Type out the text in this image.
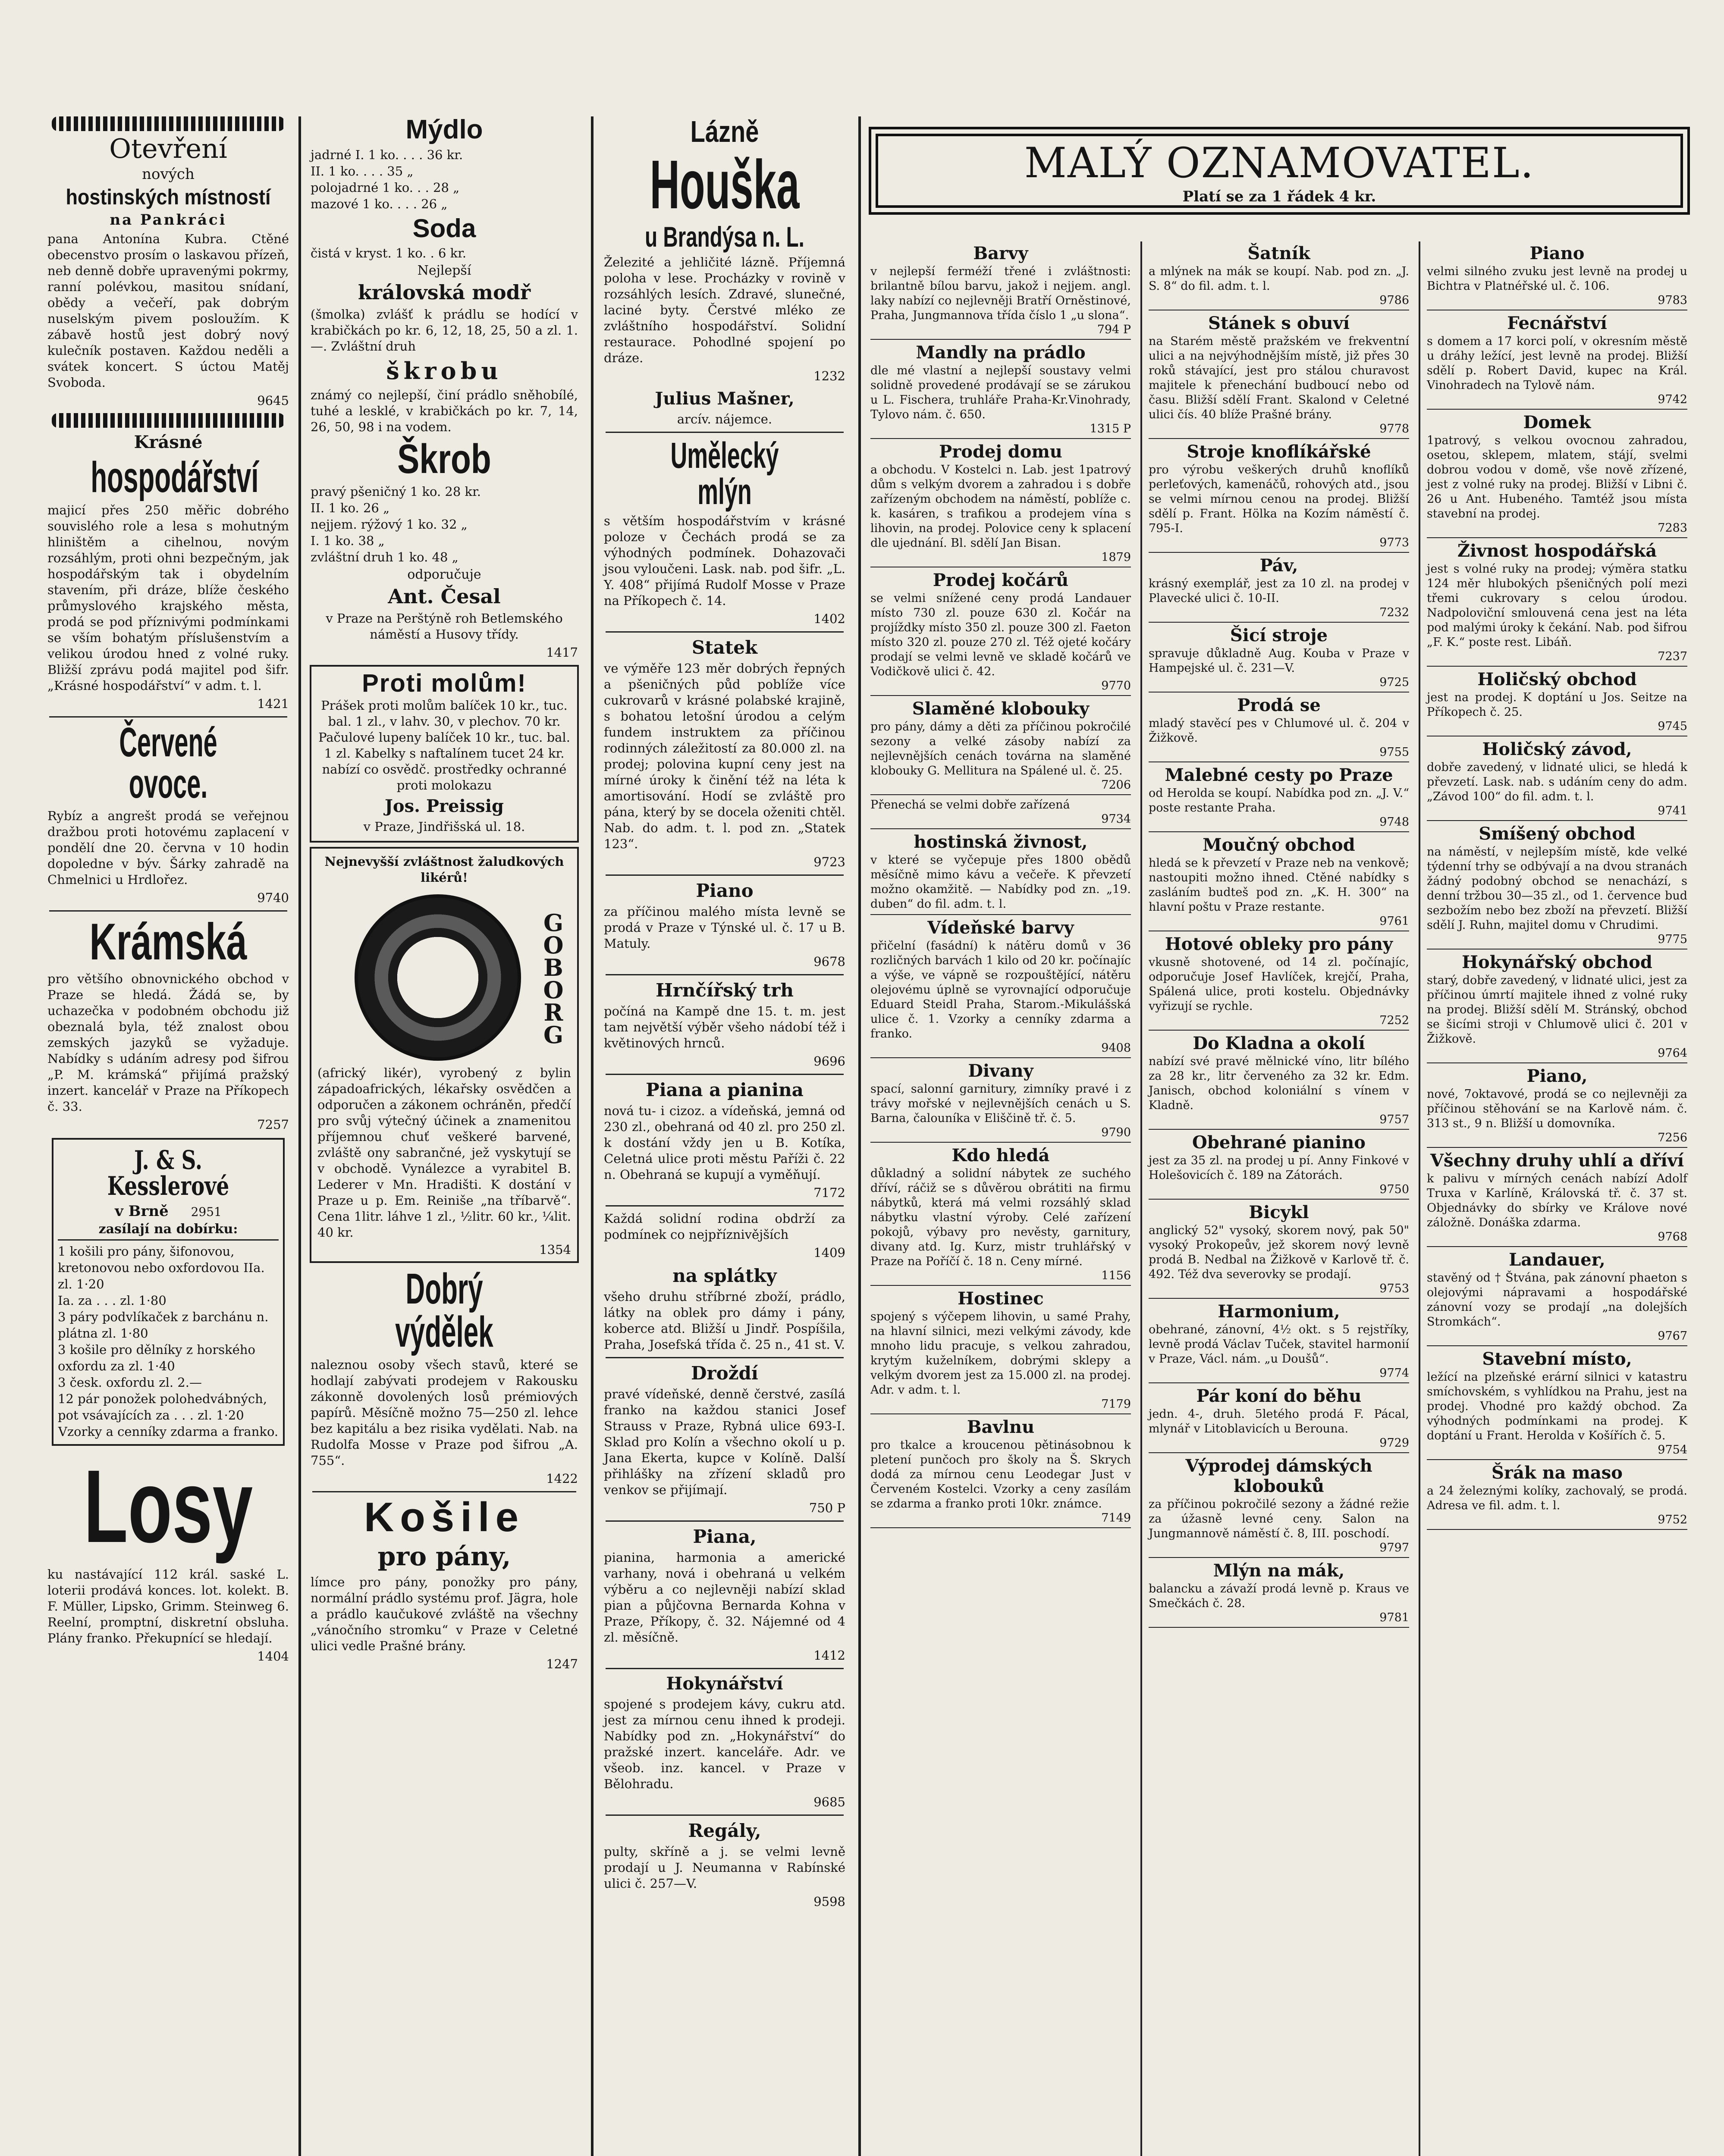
Otevření
nových
hostinských místností
na Pankráci
pana Antonína Kubra. Ctěné obecenstvo prosím o laskavou přízeň, neb denně dobře upravenými pokrmy, ranní polévkou, masitou snídaní, obědy a večeří, pak dobrým nuselským pivem posloužím. K zábavě hostů jest dobrý nový kulečník postaven. Každou neděli a svátek koncert. S úctou Matěj Svoboda.
9645
Krásné
hospodářství
majicí přes 250 měřic dobrého souvislého role a lesa s mohutným hliništěm a cihelnou, novým rozsáhlým, proti ohni bezpečným, jak hospodářským tak i obydelním stavením, při dráze, blíže českého průmyslového krajského města, prodá se pod příznivými podmínkami se vším bohatým příslušenstvím a velikou úrodou hned z volné ruky. Bližší zprávu podá majitel pod šifr. „Krásné hospodářství“ v adm. t. l.
1421
Červené ovoce.
Rybíz a angrešt prodá se veřejnou dražbou proti hotovému zaplacení v pondělí dne 20. června v 10 hodin dopoledne v býv. Šárky zahradě na Chmelnici u Hrdlořez.
9740
Krámská
pro většího obnovnického obchod v Praze se hledá. Žádá se, by uchazečka v podobném obchodu již obeznalá byla, též znalost obou zemských jazyků se vyžaduje. Nabídky s udáním adresy pod šifrou „P. M. krámská“ přijímá pražský inzert. kancelář v Praze na Příkopech č. 33.
7257
J. & S. Kesslerové
v Brně 2951
zasílají na dobírku:
1 košili pro pány, šifonovou, kretonovou nebo oxfordovou IIa. zl. 1·20
Ia. za . . . zl. 1·80
3 páry podvlíkaček z barchánu n. plátna zl. 1·80
3 košile pro dělníky z horského oxfordu za zl. 1·40
3 česk. oxfordu zl. 2.—
12 pár ponožek polohedvábných, pot vsávajících za . . . zl. 1·20
Vzorky a cenníky zdarma a franko.
Losy
ku nastávající 112 král. saské L. loterii prodává konces. lot. kolekt. B. F. Müller, Lipsko, Grimm. Steinweg 6. Reelní, promptní, diskretní obsluha. Plány franko. Překupnící se hledají.
1404
Mýdlo
jadrné I. 1 ko. . . . 36 kr.
II. 1 ko. . . . 35 „
polojadrné 1 ko. . . 28 „
mazové 1 ko. . . . 26 „
Soda
čistá v kryst. 1 ko. . 6 kr.
Nejlepší
královská modř
(šmolka) zvlášť k prádlu se hodící v krabičkách po kr. 6, 12, 18, 25, 50 a zl. 1.—. Zvláštní druh
škrobu
známý co nejlepší, činí prádlo sněhobílé, tuhé a lesklé, v krabičkách po kr. 7, 14, 26, 50, 98 i na vodem.
Škrob
pravý pšeničný 1 ko. 28 kr.
II. 1 ko. 26 „
nejjem. rýžový 1 ko. 32 „
I. 1 ko. 38 „
zvláštní druh 1 ko. 48 „
odporučuje
Ant. Česal
v Praze na Perštýně roh Betlemského náměstí a Husovy třídy.
1417
Proti molům!
Prášek proti molům balíček 10 kr., tuc. bal. 1 zl., v lahv. 30, v plechov. 70 kr. Pačulové lupeny balíček 10 kr., tuc. bal. 1 zl. Kabelky s naftalínem tucet 24 kr. nabízí co osvědč. prostředky ochranné proti molokazu
Jos. Preissig
v Praze, Jindřišská ul. 18.
Nejnevyšší zvláštnost žaludkových likérů!
GOBORG
(africký likér), vyrobený z bylin západoafrických, lékařsky osvědčen a odporučen a zákonem ochráněn, předčí pro svůj výtečný účinek a znamenitou příjemnou chuť veškeré barvené, zvláště ony sabrančné, jež vyskytují se v obchodě. Vynálezce a vyrabitel B. Lederer v Mn. Hradišti. K dostání v Praze u p. Em. Reiniše „na tříbarvě“. Cena 1litr. láhve 1 zl., ½litr. 60 kr., ¼lit. 40 kr.
1354
Dobrý výdělek
naleznou osoby všech stavů, které se hodlají zabývati prodejem v Rakousku zákonně dovolených losů prémiových papírů. Měsíčně možno 75—250 zl. lehce bez kapitálu a bez risika vydělati. Nab. na Rudolfa Mosse v Praze pod šifrou „A. 755“.
1422
Košile
pro pány,
límce pro pány, ponožky pro pány, normální prádlo systému prof. Jägra, hole a prádlo kaučukové zvláště na všechny „vánočního stromku“ v Praze v Celetné ulici vedle Prašné brány.
1247
Lázně
Houška
u Brandýsa n. L.
Železité a jehličité lázně. Příjemná poloha v lese. Procházky v rovině v rozsáhlých lesích. Zdravé, slunečné, laciné byty. Čerstvé mléko ze zvláštního hospodářství. Solidní restaurace. Pohodlné spojení po dráze.
1232
Julius Mašner,
arcív. nájemce.
Umělecký mlýn
s větším hospodářstvím v krásné poloze v Čechách prodá se za výhodných podmínek. Dohazovači jsou vyloučeni. Lask. nab. pod šifr. „L. Y. 408“ přijímá Rudolf Mosse v Praze na Příkopech č. 14.
1402
Statek
ve výměře 123 měr dobrých řepných a pšeničných půd poblíže více cukrovarů v krásné polabské krajině, s bohatou letošní úrodou a celým fundem instruktem za příčinou rodinných záležitostí za 80.000 zl. na prodej; polovina kupní ceny jest na mírné úroky k činění též na léta k amortisování. Hodí se zvláště pro pána, který by se docela oženiti chtěl. Nab. do adm. t. l. pod zn. „Statek 123“.
9723
Piano
za příčinou malého místa levně se prodá v Praze v Týnské ul. č. 17 u B. Matuly.
9678
Hrnčířský trh
počíná na Kampě dne 15. t. m. jest tam největší výběr všeho nádobí též i květinových hrnců.
9696
Piana a pianina
nová tu- i cizoz. a vídeňská, jemná od 230 zl., obehraná od 40 zl. pro 250 zl. k dostání vždy jen u B. Kotíka, Celetná ulice proti městu Paříži č. 22 n. Obehraná se kupují a vyměňují.
7172
Každá solidní rodina obdrží za podmínek co nejpříznivějších
1409
na splátky
všeho druhu stříbrné zboží, prádlo, látky na oblek pro dámy i pány, koberce atd. Bližší u Jindř. Pospíšila, Praha, Josefská třída č. 25 n., 41 st. V.
Droždí
pravé vídeňské, denně čerstvé, zasílá franko na každou stanici Josef Strauss v Praze, Rybná ulice 693-I. Sklad pro Kolín a všechno okolí u p. Jana Ekerta, kupce v Kolíně. Další přihlášky na zřízení skladů pro venkov se přijímají.
750 P
Piana,
pianina, harmonia a americké varhany, nová i obehraná u velkém výběru a co nejlevněji nabízí sklad pian a půjčovna Bernarda Kohna v Praze, Příkopy, č. 32. Nájemné od 4 zl. měsíčně.
1412
Hokynářství
spojené s prodejem kávy, cukru atd. jest za mírnou cenu ihned k prodeji. Nabídky pod zn. „Hokynářství“ do pražské inzert. kanceláře. Adr. ve všeob. inz. kancel. v Praze v Bělohradu.
9685
Regály,
pulty, skříně a j. se velmi levně prodají u J. Neumanna v Rabínské ulici č. 257—V.
9598
MALÝ OZNAMOVATEL.
Platí se za 1 řádek 4 kr.
Barvy
v nejlepší ferméží třené i zvláštnosti: brilantně bílou barvu, jakož i nejjem. angl. laky nabízí co nejlevněji Bratří Orněstinové, Praha, Jungmannova třída číslo 1 „u slona“.
794 P
Mandly na prádlo
dle mé vlastní a nejlepší soustavy velmi solidně provedené prodávají se se zárukou u L. Fischera, truhláře Praha-Kr.Vinohrady, Tylovo nám. č. 650.
1315 P
Prodej domu
a obchodu. V Kostelci n. Lab. jest 1patrový dům s velkým dvorem a zahradou i s dobře zařízeným obchodem na náměstí, poblíže c. k. kasáren, s trafikou a prodejem vína s lihovin, na prodej. Polovice ceny k splacení dle ujednání. Bl. sdělí Jan Bisan.
1879
Prodej kočárů
se velmi snížené ceny prodá Landauer místo 730 zl. pouze 630 zl. Kočár na projíždky místo 350 zl. pouze 300 zl. Faeton místo 320 zl. pouze 270 zl. Též ojeté kočáry prodají se velmi levně ve skladě kočárů ve Vodičkově ulici č. 42.
9770
Slaměné klobouky
pro pány, dámy a děti za příčinou pokročilé sezony a velké zásoby nabízí za nejlevnějších cenách továrna na slaměné klobouky G. Mellitura na Spálené ul. č. 25.
7206
Přenechá se velmi dobře zařízená
9734
hostinská živnost,
v které se vyčepuje přes 1800 obědů měsíčně mimo kávu a večeře. K převzetí možno okamžitě. — Nabídky pod zn. „19. duben“ do fil. adm. t. l.
Vídeňské barvy
přičelní (fasádní) k nátěru domů v 36 rozličných barvách 1 kilo od 20 kr. počínajíc a výše, ve vápně se rozpouštějící, nátěru olejovému úplně se vyrovnající odporučuje Eduard Steidl Praha, Starom.-Mikulášská ulice č. 1. Vzorky a cenníky zdarma a franko.
9408
Divany
spací, salonní garnitury, zimníky pravé i z trávy mořské v nejlevnějších cenách u S. Barna, čalouníka v Eliščině tř. č. 5.
9790
Kdo hledá
důkladný a solidní nábytek ze suchého dříví, ráčiž se s důvěrou obrátiti na firmu nábytků, která má velmi rozsáhlý sklad nábytku vlastní výroby. Celé zařízení pokojů, výbavy pro nevěsty, garnitury, divany atd. Ig. Kurz, mistr truhlářský v Praze na Poříčí č. 18 n. Ceny mírné.
1156
Hostinec
spojený s výčepem lihovin, u samé Prahy, na hlavní silnici, mezi velkými závody, kde mnoho lidu pracuje, s velkou zahradou, krytým kuželníkem, dobrými sklepy a velkým dvorem jest za 15.000 zl. na prodej. Adr. v adm. t. l.
7179
Bavlnu
pro tkalce a kroucenou pětinásobnou k pletení punčoch pro školy na Š. Skrych dodá za mírnou cenu Leodegar Just v Červeném Kostelci. Vzorky a ceny zasílám se zdarma a franko proti 10kr. známce.
7149
Šatník
a mlýnek na mák se koupí. Nab. pod zn. „J. S. 8“ do fil. adm. t. l.
9786
Stánek s obuví
na Starém městě pražském ve frekventní ulici a na nejvýhodnějším místě, již přes 30 roků stávající, jest pro stálou churavost majitele k přenechání budboucí nebo od času. Bližší sdělí Frant. Skalond v Celetné ulici čís. 40 blíže Prašné brány.
9778
Stroje knoflíkářské
pro výrobu veškerých druhů knoflíků perleťových, kamenáčů, rohových atd., jsou se velmi mírnou cenou na prodej. Bližší sdělí p. Frant. Hölka na Kozím náměstí č. 795-I.
9773
Páv,
krásný exemplář, jest za 10 zl. na prodej v Plavecké ulici č. 10-II.
7232
Šicí stroje
spravuje důkladně Aug. Kouba v Praze v Hampejské ul. č. 231—V.
9725
Prodá se
mladý stavěcí pes v Chlumové ul. č. 204 v Žižkově.
9755
Malebné cesty po Praze
od Herolda se koupí. Nabídka pod zn. „J. V.“ poste restante Praha.
9748
Moučný obchod
hledá se k převzetí v Praze neb na venkově; nastoupiti možno ihned. Ctěné nabídky s zasláním budteš pod zn. „K. H. 300“ na hlavní poštu v Praze restante.
9761
Hotové obleky pro pány
vkusně shotovené, od 14 zl. počínajíc, odporučuje Josef Havlíček, krejčí, Praha, Spálená ulice, proti kostelu. Objednávky vyřizují se rychle.
7252
Do Kladna a okolí
nabízí své pravé mělnické víno, litr bílého za 28 kr., litr červeného za 32 kr. Edm. Janisch, obchod koloniální s vínem v Kladně.
9757
Obehrané pianino
jest za 35 zl. na prodej u pí. Anny Finkové v Holešovicích č. 189 na Zátorách.
9750
Bicykl
anglický 52" vysoký, skorem nový, pak 50" vysoký Prokopeův, jež skorem nový levně prodá B. Nedbal na Žižkově v Karlově tř. č. 492. Též dva severovky se prodají.
9753
Harmonium,
obehrané, zánovní, 4½ okt. s 5 rejstříky, levně prodá Václav Tuček, stavitel harmonií v Praze, Václ. nám. „u Doušů“.
9774
Pár koní do běhu
jedn. 4-, druh. 5letého prodá F. Pácal, mlynář v Litoblavicích u Berouna.
9729
Výprodej dámských klobouků
za příčinou pokročilé sezony a žádné režie za úžasně levné ceny. Salon na Jungmannově náměstí č. 8, III. poschodí.
9797
Mlýn na mák,
balancku a závaží prodá levně p. Kraus ve Smečkách č. 28.
9781
Piano
velmi silného zvuku jest levně na prodej u Bichtra v Platnéřské ul. č. 106.
9783
Fecnářství
s domem a 17 korci polí, v okresním městě u dráhy ležící, jest levně na prodej. Bližší sdělí p. Robert David, kupec na Král. Vinohradech na Tylově nám.
9742
Domek
1patrový, s velkou ovocnou zahradou, osetou, sklepem, mlatem, stájí, svelmi dobrou vodou v domě, vše nově zřízené, jest z volné ruky na prodej. Bližší v Libni č. 26 u Ant. Hubeného. Tamtéž jsou místa stavební na prodej.
7283
Živnost hospodářská
jest s volné ruky na prodej; výměra statku 124 měr hlubokých pšeničných polí mezi třemi cukrovary s celou úrodou. Nadpoloviční smlouvená cena jest na léta pod malými úroky k čekání. Nab. pod šifrou „F. K.“ poste rest. Libáň.
7237
Holičský obchod
jest na prodej. K doptání u Jos. Seitze na Příkopech č. 25.
9745
Holičský závod,
dobře zavedený, v lidnaté ulici, se hledá k převzetí. Lask. nab. s udáním ceny do adm. „Závod 100“ do fil. adm. t. l.
9741
Smíšený obchod
na náměstí, v nejlepším místě, kde velké týdenní trhy se odbývají a na dvou stranách žádný podobný obchod se nenachází, s denní tržbou 30—35 zl., od 1. července bud sezbožím nebo bez zboží na převzetí. Bližší sdělí J. Ruhn, majitel domu v Chrudimi.
9775
Hokynářský obchod
starý, dobře zavedený, v lidnaté ulici, jest za příčinou úmrtí majitele ihned z volné ruky na prodej. Bližší sdělí M. Stránský, obchod se šicími stroji v Chlumově ulici č. 201 v Žižkově.
9764
Piano,
nové, 7oktavové, prodá se co nejlevněji za příčinou stěhování se na Karlově nám. č. 313 st., 9 n. Bližší u domovníka.
7256
Všechny druhy uhlí a dříví
k palivu v mírných cenách nabízí Adolf Truxa v Karlíně, Královská tř. č. 37 st. Objednávky do sbírky ve Králove nové záložně. Donáška zdarma.
9768
Landauer,
stavěný od † Štvána, pak zánovní phaeton s olejovými nápravami a hospodářské zánovní vozy se prodají „na dolejších Stromkách“.
9767
Stavební místo,
ležící na plzeňské erární silnici v katastru smíchovském, s vyhlídkou na Prahu, jest na prodej. Vhodné pro každý obchod. Za výhodných podmínkami na prodej. K doptání u Frant. Herolda v Košířích č. 5.
9754
Šrák na maso
a 24 železnými kolíky, zachovalý, se prodá. Adresa ve fil. adm. t. l.
9752
